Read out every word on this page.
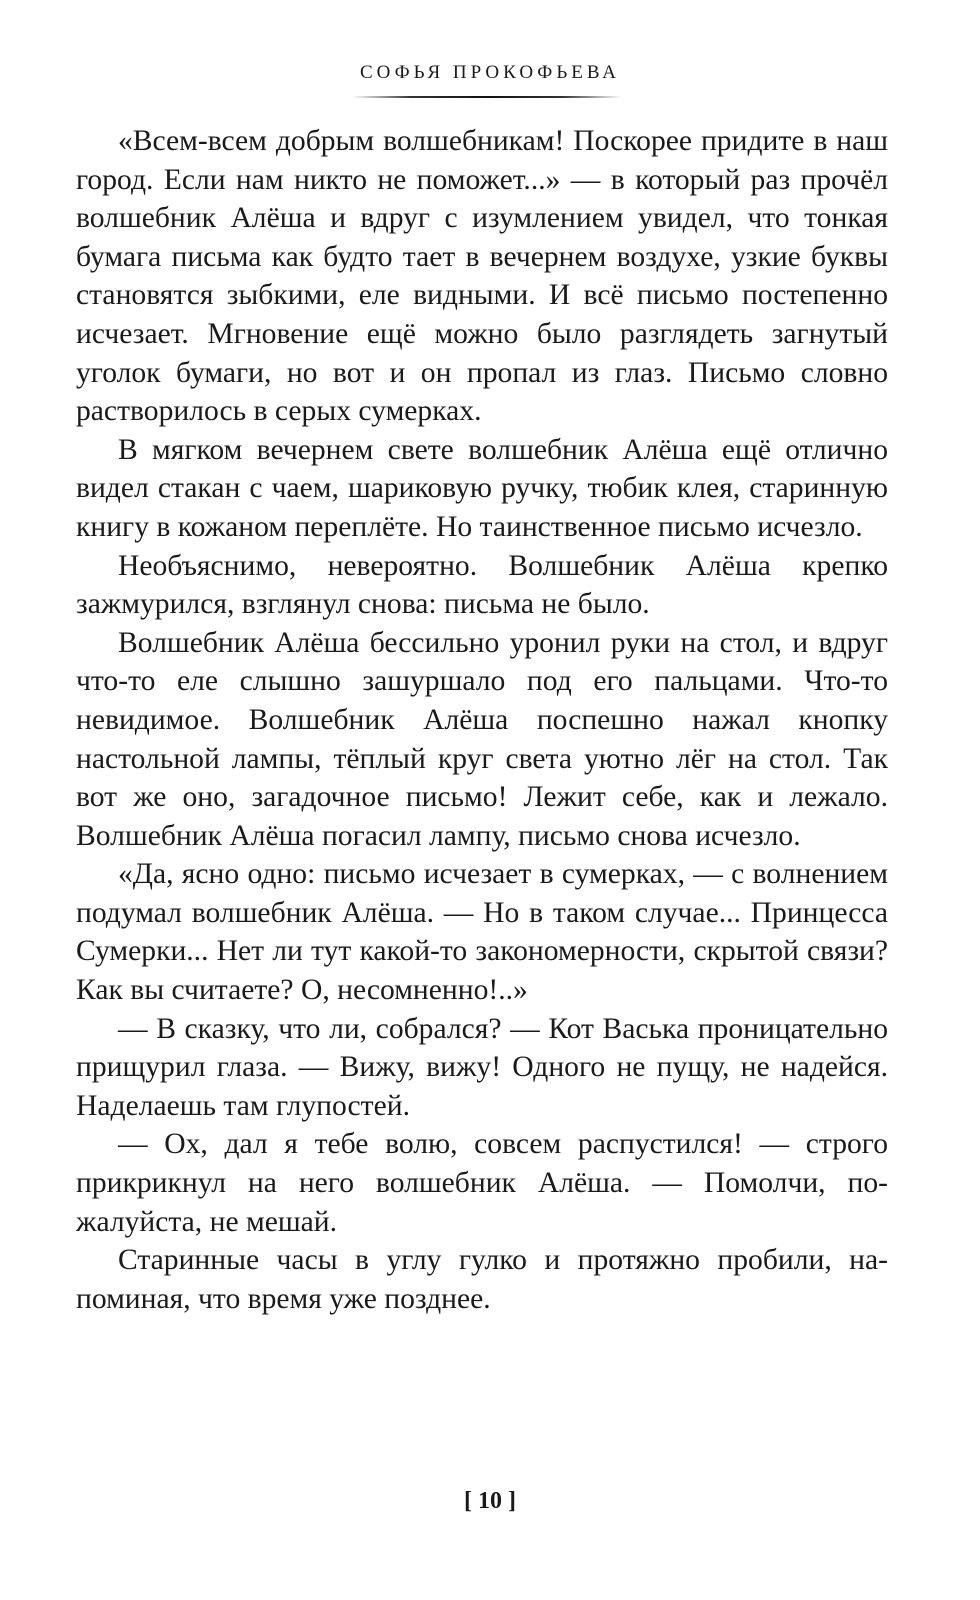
СОФЬЯ ПРОКОФЬЕВА

«Всем-всем добрым волшебникам! Поскорее придите в наш город. Если нам никто не поможет...» — в который раз прочёл волшебник Алёша и вдруг с изумлением увидел, что тонкая бумага письма как будто тает в вечернем воздухе, узкие буквы становятся зыбкими, еле видными. И всё письмо постепенно исчезает. Мгновение ещё можно было разглядеть загнутый уголок бумаги, но вот и он пропал из глаз. Письмо словно растворилось в серых сумерках.

В мягком вечернем свете волшебник Алёша ещё отлично видел стакан с чаем, шариковую ручку, тюбик клея, старинную книгу в кожаном переплёте. Но таинственное письмо исчезло.

Необъяснимо, невероятно. Волшебник Алёша крепко зажмурился, взглянул снова: письма не было.

Волшебник Алёша бессильно уронил руки на стол, и вдруг что-то еле слышно зашуршало под его пальцами. Что-то невидимое. Волшебник Алёша поспешно нажал кнопку настольной лампы, тёплый круг света уютно лёг на стол. Так вот же оно, загадочное письмо! Лежит себе, как и лежало. Волшебник Алёша погасил лампу, письмо снова исчезло.

«Да, ясно одно: письмо исчезает в сумерках, — с волнением подумал волшебник Алёша. — Но в таком случае... Принцесса Сумерки... Нет ли тут какой-то закономерности, скрытой связи? Как вы считаете? О, несомненно!..»

— В сказку, что ли, собрался? — Кот Васька проницательно прищурил глаза. — Вижу, вижу! Одного не пущу, не надейся. Наделаешь там глупостей.

— Ох, дал я тебе волю, совсем распустился! — строго прикрикнул на него волшебник Алёша. — Помолчи, пожалуйста, не мешай.

Старинные часы в углу гулко и протяжно пробили, напоминая, что время уже позднее.

[ 10 ]
